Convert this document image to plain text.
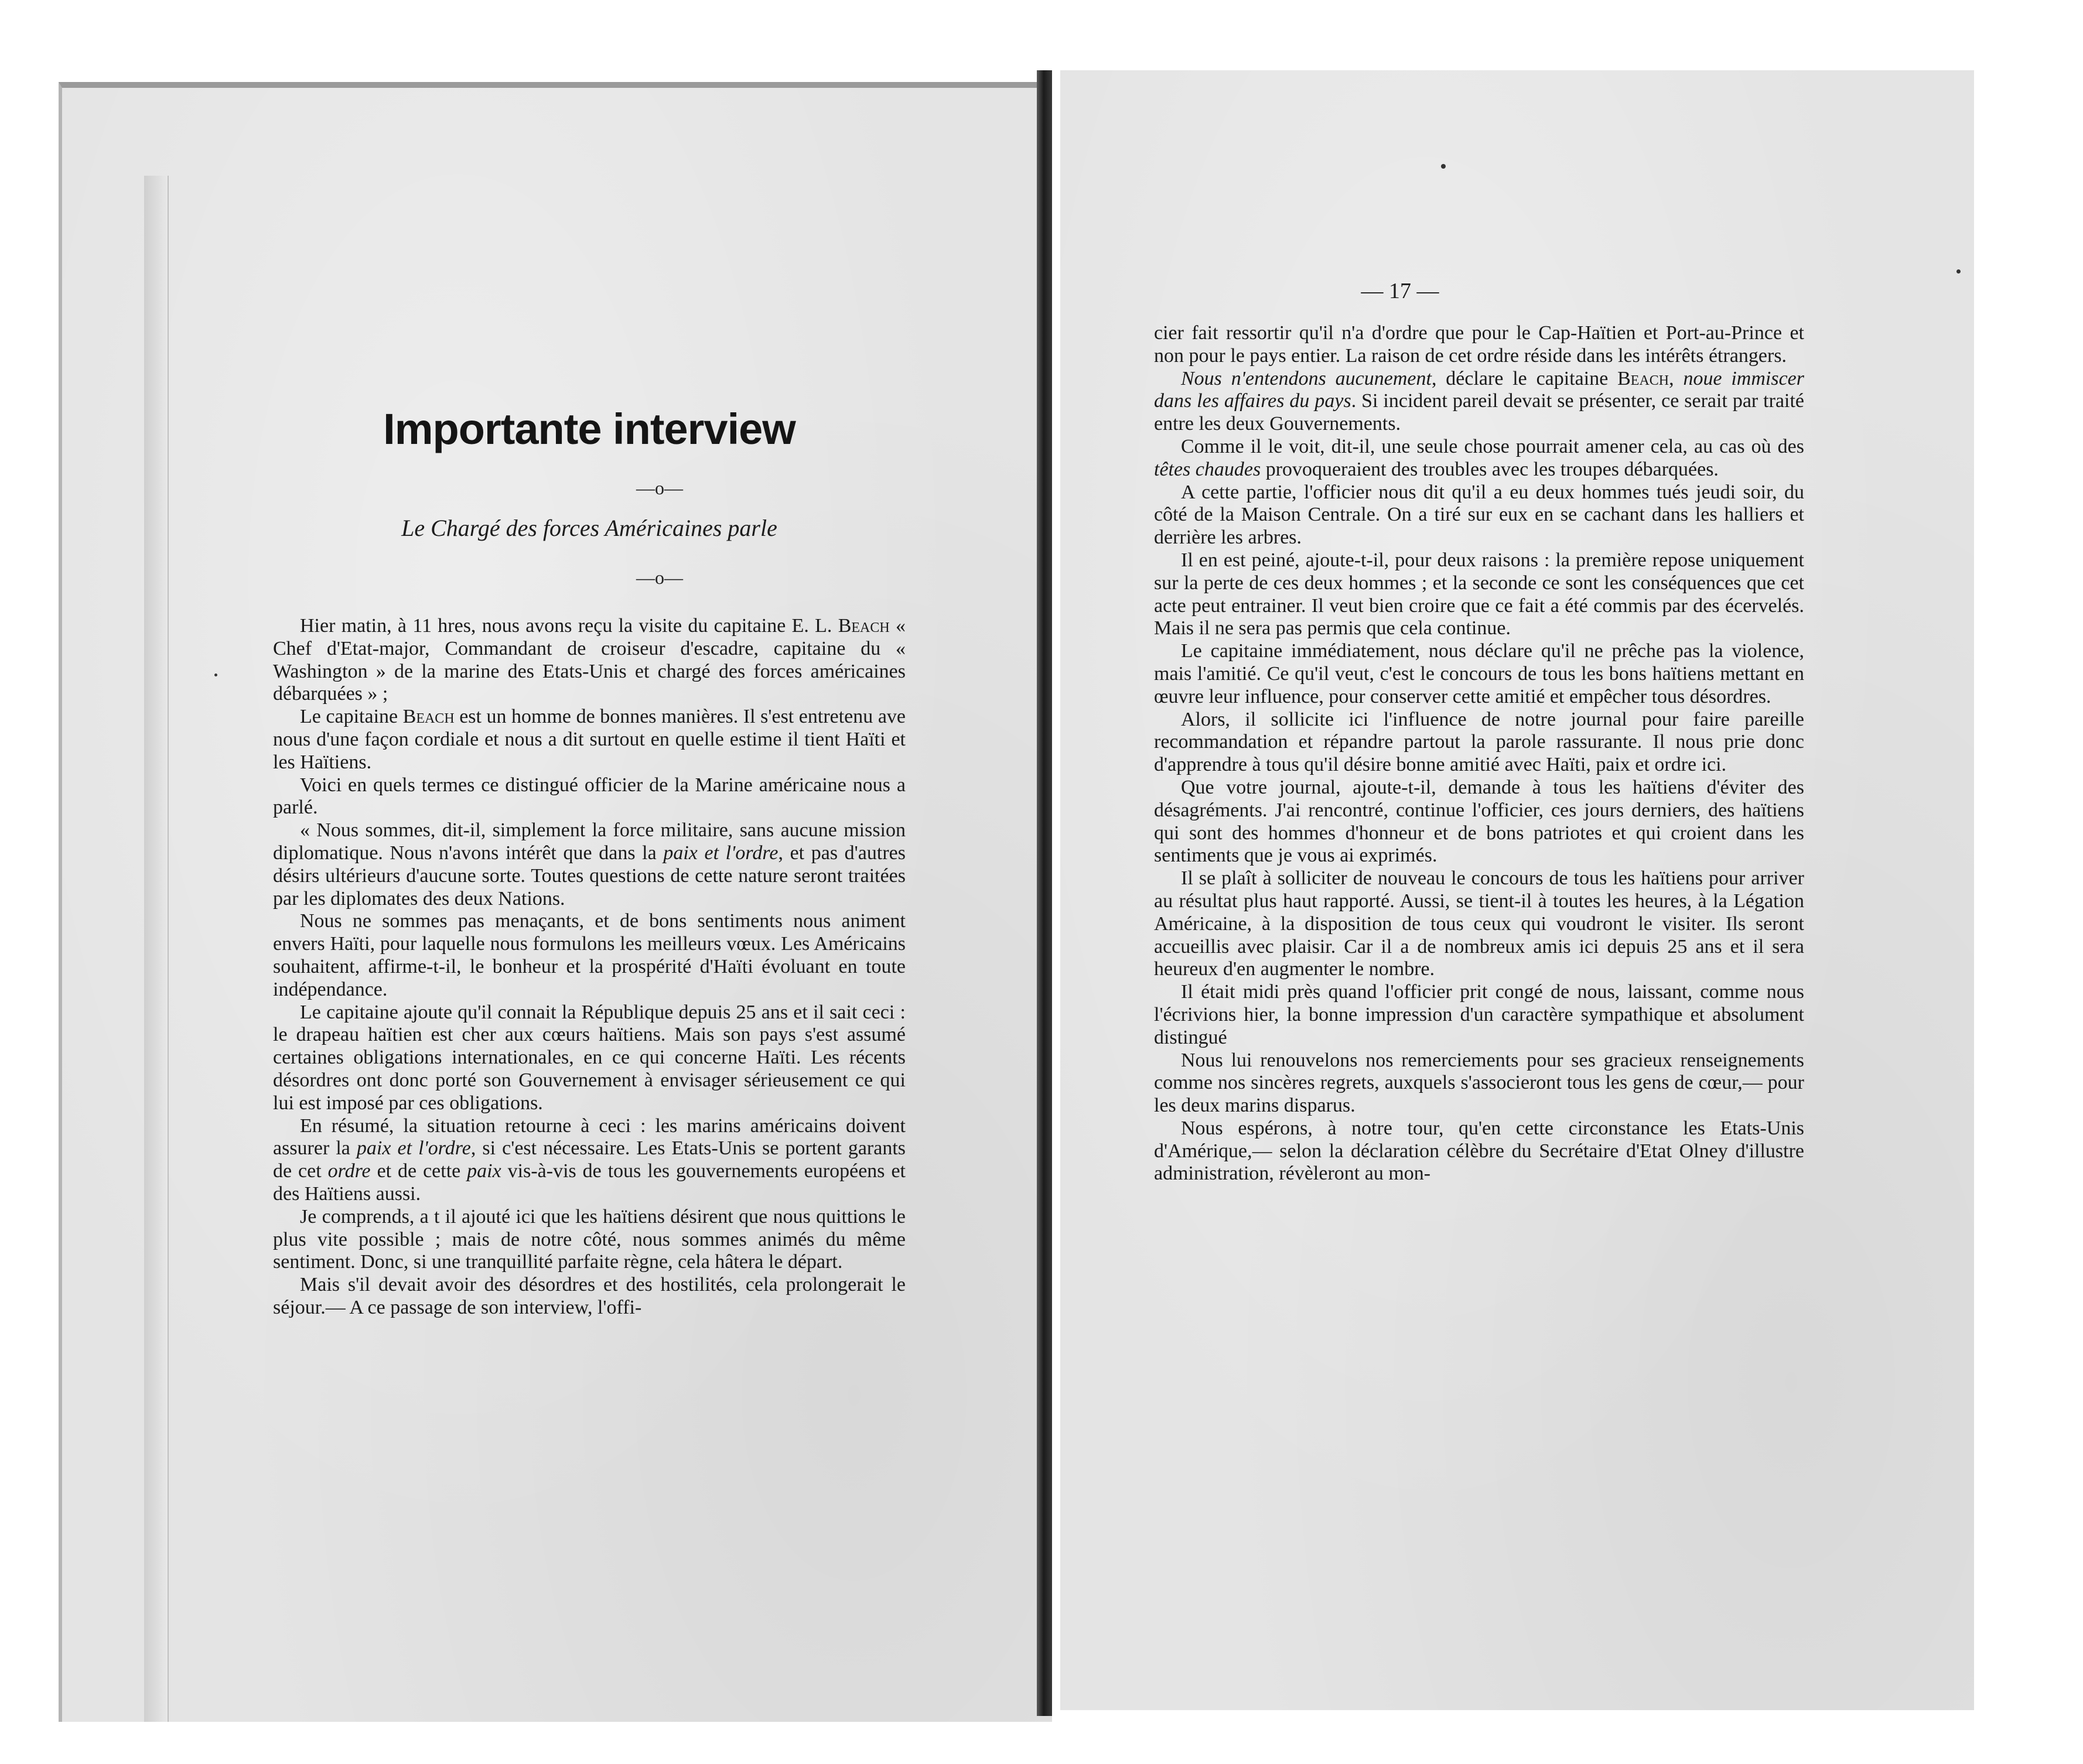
Importante interview
—o—
Le Chargé des forces Américaines parle
—o—

Hier matin, à 11 hres, nous avons reçu la visite du capitaine E. L. Beach « Chef d'Etat-major, Commandant de croiseur d'escadre, capitaine du « Washington » de la marine des Etats-Unis et chargé des forces américaines débarquées » ;

Le capitaine Beach est un homme de bonnes manières. Il s'est entretenu ave nous d'une façon cordiale et nous a dit surtout en quelle estime il tient Haïti et les Haïtiens.

Voici en quels termes ce distingué officier de la Marine américaine nous a parlé.

« Nous sommes, dit-il, simplement la force militaire, sans aucune mission diplomatique. Nous n'avons intérêt que dans la paix et l'ordre, et pas d'autres désirs ultérieurs d'aucune sorte. Toutes questions de cette nature seront traitées par les diplomates des deux Nations.

Nous ne sommes pas menaçants, et de bons sentiments nous animent envers Haïti, pour laquelle nous formulons les meilleurs vœux. Les Américains souhaitent, affirme-t-il, le bonheur et la prospérité d'Haïti évoluant en toute indépendance.

Le capitaine ajoute qu'il connait la République depuis 25 ans et il sait ceci : le drapeau haïtien est cher aux cœurs haïtiens. Mais son pays s'est assumé certaines obligations internationales, en ce qui concerne Haïti. Les récents désordres ont donc porté son Gouvernement à envisager sérieusement ce qui lui est imposé par ces obligations.

En résumé, la situation retourne à ceci : les marins américains doivent assurer la paix et l'ordre, si c'est nécessaire. Les Etats-Unis se portent garants de cet ordre et de cette paix vis-à-vis de tous les gouvernements européens et des Haïtiens aussi.

Je comprends, a t il ajouté ici que les haïtiens désirent que nous quittions le plus vite possible ; mais de notre côté, nous sommes animés du même sentiment. Donc, si une tranquillité parfaite règne, cela hâtera le départ.

Mais s'il devait avoir des désordres et des hostilités, cela prolongerait le séjour.— A ce passage de son interview, l'offi-

— 17 —

cier fait ressortir qu'il n'a d'ordre que pour le Cap-Haïtien et Port-au-Prince et non pour le pays entier. La raison de cet ordre réside dans les intérêts étrangers.

Nous n'entendons aucunement, déclare le capitaine Beach, noue immiscer dans les affaires du pays. Si incident pareil devait se présenter, ce serait par traité entre les deux Gouvernements.

Comme il le voit, dit-il, une seule chose pourrait amener cela, au cas où des têtes chaudes provoqueraient des troubles avec les troupes débarquées.

A cette partie, l'officier nous dit qu'il a eu deux hommes tués jeudi soir, du côté de la Maison Centrale. On a tiré sur eux en se cachant dans les halliers et derrière les arbres.

Il en est peiné, ajoute-t-il, pour deux raisons : la première repose uniquement sur la perte de ces deux hommes ; et la seconde ce sont les conséquences que cet acte peut entrainer. Il veut bien croire que ce fait a été commis par des écervelés. Mais il ne sera pas permis que cela continue.

Le capitaine immédiatement, nous déclare qu'il ne prêche pas la violence, mais l'amitié. Ce qu'il veut, c'est le concours de tous les bons haïtiens mettant en œuvre leur influence, pour conserver cette amitié et empêcher tous désordres.

Alors, il sollicite ici l'influence de notre journal pour faire pareille recommandation et répandre partout la parole rassurante. Il nous prie donc d'apprendre à tous qu'il désire bonne amitié avec Haïti, paix et ordre ici.

Que votre journal, ajoute-t-il, demande à tous les haïtiens d'éviter des désagréments. J'ai rencontré, continue l'officier, ces jours derniers, des haïtiens qui sont des hommes d'honneur et de bons patriotes et qui croient dans les sentiments que je vous ai exprimés.

Il se plaît à solliciter de nouveau le concours de tous les haïtiens pour arriver au résultat plus haut rapporté. Aussi, se tient-il à toutes les heures, à la Légation Américaine, à la disposition de tous ceux qui voudront le visiter. Ils seront accueillis avec plaisir. Car il a de nombreux amis ici depuis 25 ans et il sera heureux d'en augmenter le nombre.

Il était midi près quand l'officier prit congé de nous, laissant, comme nous l'écrivions hier, la bonne impression d'un caractère sympathique et absolument distingué

Nous lui renouvelons nos remerciements pour ses gracieux renseignements comme nos sincères regrets, auxquels s'associeront tous les gens de cœur,— pour les deux marins disparus.

Nous espérons, à notre tour, qu'en cette circonstance les Etats-Unis d'Amérique,— selon la déclaration célèbre du Secrétaire d'Etat Olney d'illustre administration, révèleront au mon-
